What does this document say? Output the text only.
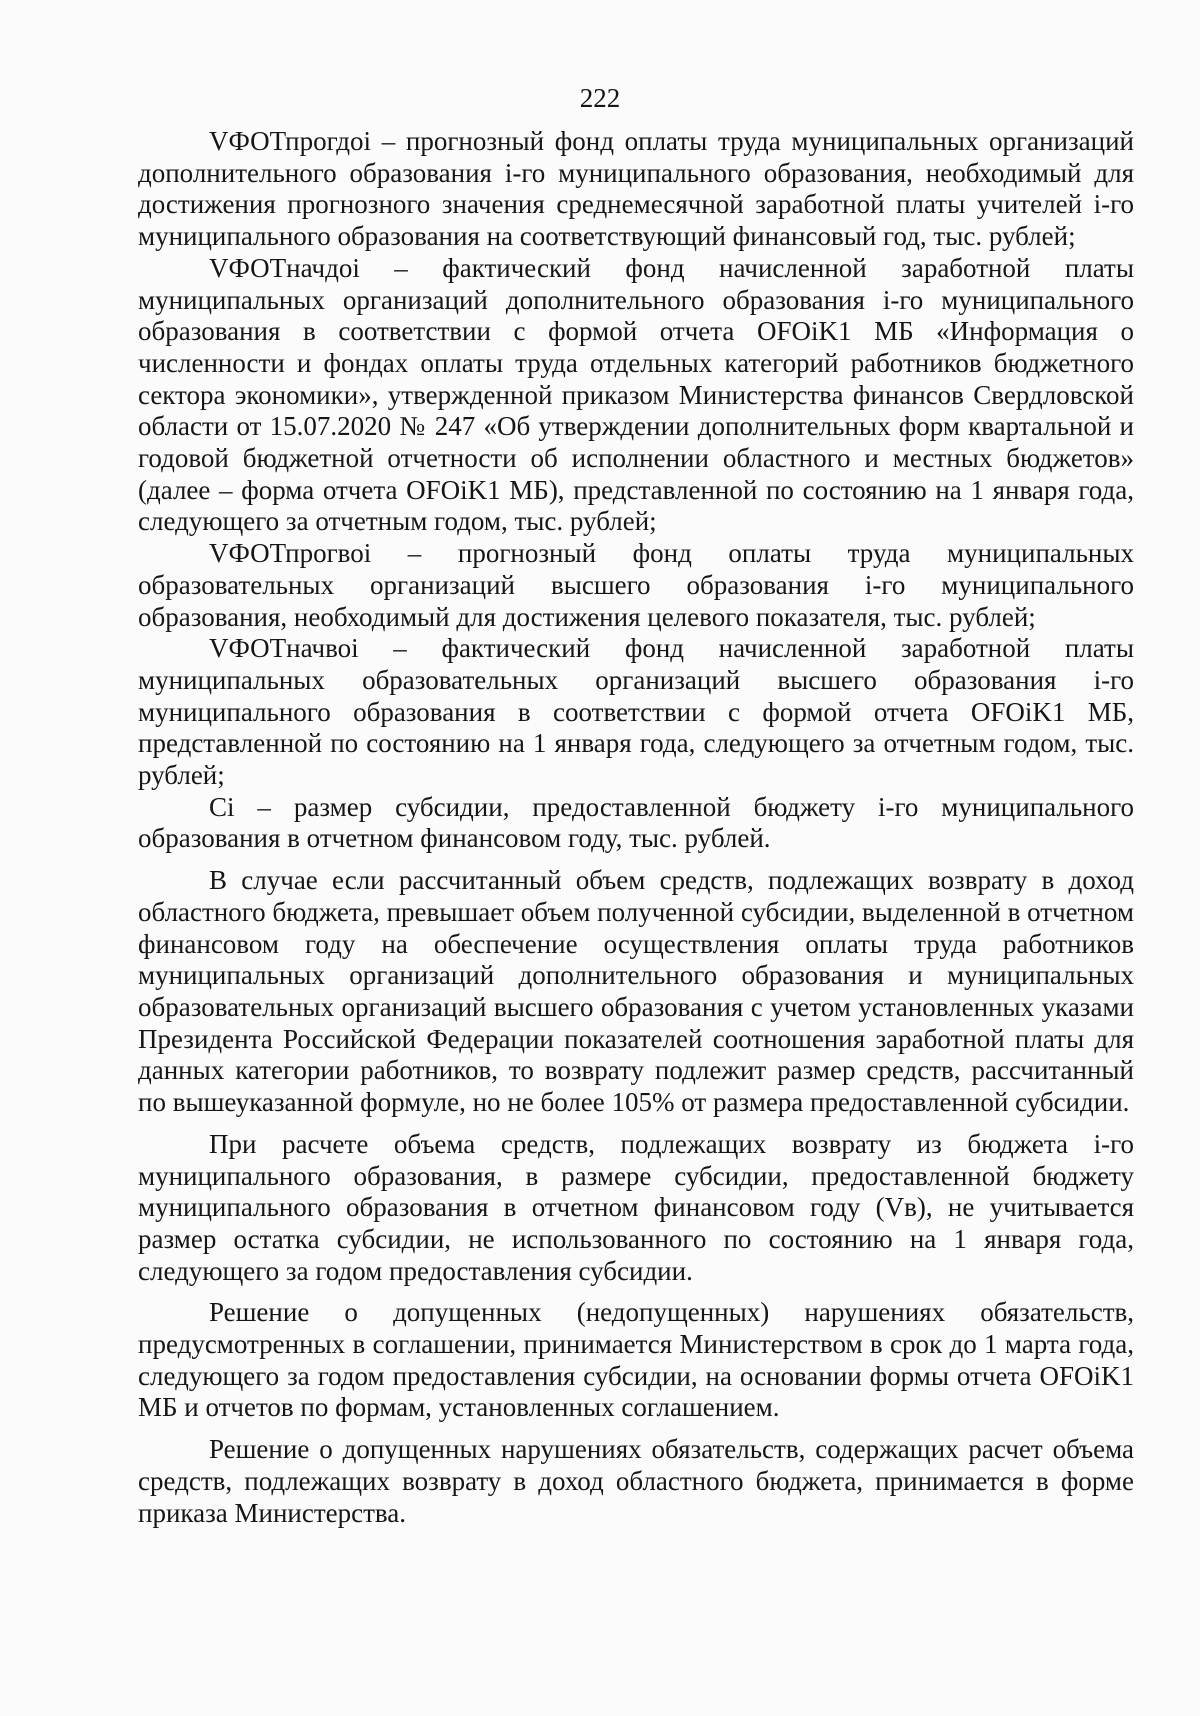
222

VФОТпрогдоi – прогнозный фонд оплаты труда муниципальных организаций дополнительного образования i-го муниципального образования, необходимый для достижения прогнозного значения среднемесячной заработной платы учителей i-го муниципального образования на соответствующий финансовый год, тыс. рублей;

VФОТначдоi – фактический фонд начисленной заработной платы муниципальных организаций дополнительного образования i-го муниципального образования в соответствии с формой отчета OFOiK1 МБ «Информация о численности и фондах оплаты труда отдельных категорий работников бюджетного сектора экономики», утвержденной приказом Министерства финансов Свердловской области от 15.07.2020 № 247 «Об утверждении дополнительных форм квартальной и годовой бюджетной отчетности об исполнении областного и местных бюджетов» (далее – форма отчета OFOiK1 МБ), представленной по состоянию на 1 января года, следующего за отчетным годом, тыс. рублей;

VФОТпрогвоi – прогнозный фонд оплаты труда муниципальных образовательных организаций высшего образования i-го муниципального образования, необходимый для достижения целевого показателя, тыс. рублей;

VФОТначвоi – фактический фонд начисленной заработной платы муниципальных образовательных организаций высшего образования i-го муниципального образования в соответствии с формой отчета OFOiK1 МБ, представленной по состоянию на 1 января года, следующего за отчетным годом, тыс. рублей;

Ci – размер субсидии, предоставленной бюджету i-го муниципального образования в отчетном финансовом году, тыс. рублей.

В случае если рассчитанный объем средств, подлежащих возврату в доход областного бюджета, превышает объем полученной субсидии, выделенной в отчетном финансовом году на обеспечение осуществления оплаты труда работников муниципальных организаций дополнительного образования и муниципальных образовательных организаций высшего образования с учетом установленных указами Президента Российской Федерации показателей соотношения заработной платы для данных категории работников, то возврату подлежит размер средств, рассчитанный по вышеуказанной формуле, но не более 105% от размера предоставленной субсидии.

При расчете объема средств, подлежащих возврату из бюджета i-го муниципального образования, в размере субсидии, предоставленной бюджету муниципального образования в отчетном финансовом году (Vв), не учитывается размер остатка субсидии, не использованного по состоянию на 1 января года, следующего за годом предоставления субсидии.

Решение о допущенных (недопущенных) нарушениях обязательств, предусмотренных в соглашении, принимается Министерством в срок до 1 марта года, следующего за годом предоставления субсидии, на основании формы отчета OFOiK1 МБ и отчетов по формам, установленных соглашением.

Решение о допущенных нарушениях обязательств, содержащих расчет объема средств, подлежащих возврату в доход областного бюджета, принимается в форме приказа Министерства.
